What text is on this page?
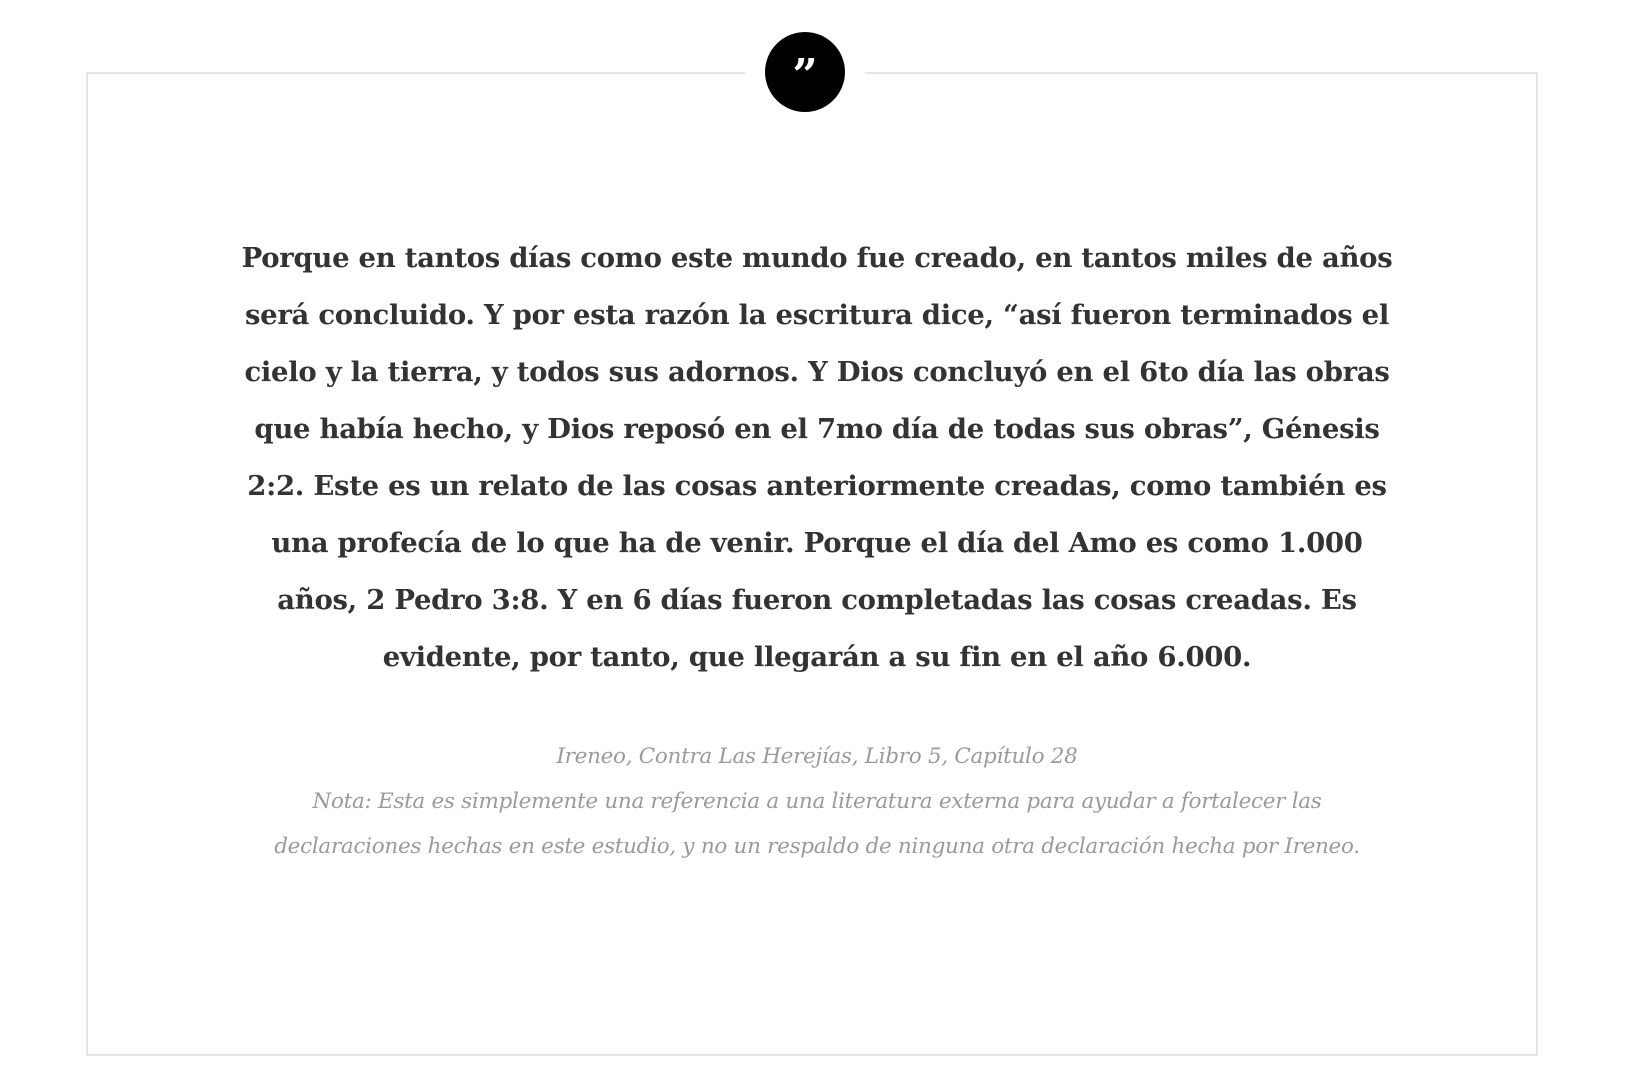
”

Porque en tantos días como este mundo fue creado, en tantos miles de años será concluido. Y por esta razón la escritura dice, “así fueron terminados el cielo y la tierra, y todos sus adornos. Y Dios concluyó en el 6to día las obras que había hecho, y Dios reposó en el 7mo día de todas sus obras”, Génesis 2:2. Este es un relato de las cosas anteriormente creadas, como también es una profecía de lo que ha de venir. Porque el día del Amo es como 1.000 años, 2 Pedro 3:8. Y en 6 días fueron completadas las cosas creadas. Es evidente, por tanto, que llegarán a su fin en el año 6.000.

Ireneo, Contra Las Herejías, Libro 5, Capítulo 28
Nota: Esta es simplemente una referencia a una literatura externa para ayudar a fortalecer las declaraciones hechas en este estudio, y no un respaldo de ninguna otra declaración hecha por Ireneo.
